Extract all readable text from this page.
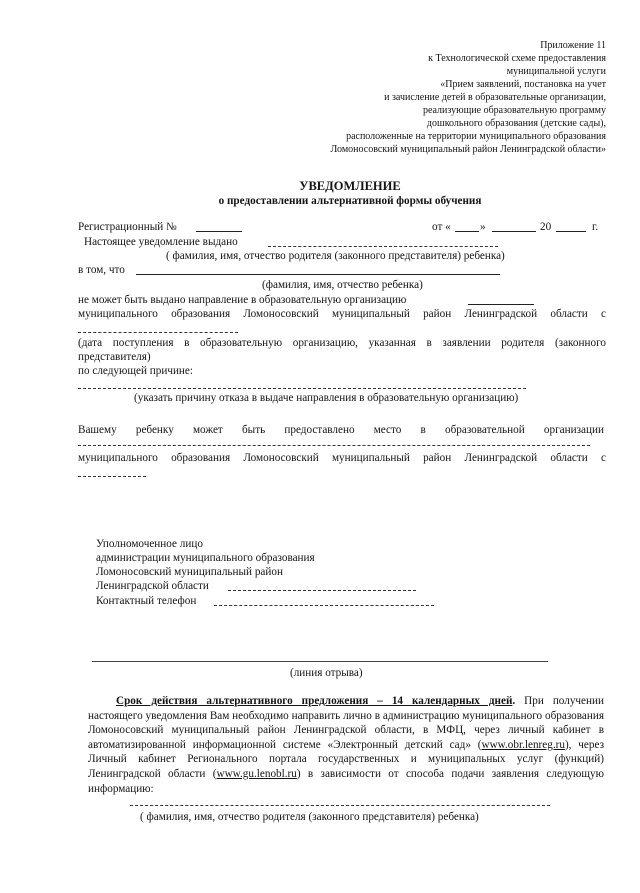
Приложение 11
к Технологической схеме предоставления
муниципальной услуги
«Прием заявлений, постановка на учет
и зачисление детей в образовательные организации,
реализующие образовательную программу
дошкольного образования (детские сады),
расположенные на территории муниципального образования
Ломоносовский муниципальный район Ленинградской области»
УВЕДОМЛЕНИЕ
о предоставлении альтернативной формы обучения
Регистрационный №	от «	»	20	г.
Настоящее уведомление выдано
( фамилия, имя, отчество родителя (законного представителя) ребенка)
в том, что
(фамилия, имя, отчество ребенка)
не может быть выдано направление в образовательную организацию
муниципального образования Ломоносовский муниципальный район Ленинградской области с
(дата поступления в образовательную организацию, указанная в заявлении родителя (законного
представителя)
по следующей причине:
(указать причину отказа в выдаче направления в образовательную организацию)
Вашему ребенку может быть предоставлено место в образовательной организации
муниципального образования Ломоносовский муниципальный район Ленинградской области с
Уполномоченное лицо
администрации муниципального образования
Ломоносовский муниципальный район
Ленинградской области
Контактный телефон
(линия отрыва)
Срок действия альтернативного предложения – 14 календарных дней. При получении настоящего уведомления Вам необходимо направить лично в администрацию муниципального образования Ломоносовский муниципальный район Ленинградской области, в МФЦ, через личный кабинет в автоматизированной информационной системе «Электронный детский сад» (www.obr.lenreg.ru), через Личный кабинет Регионального портала государственных и муниципальных услуг (функций) Ленинградской области (www.gu.lenobl.ru) в зависимости от способа подачи заявления следующую информацию:
( фамилия, имя, отчество родителя (законного представителя) ребенка)
